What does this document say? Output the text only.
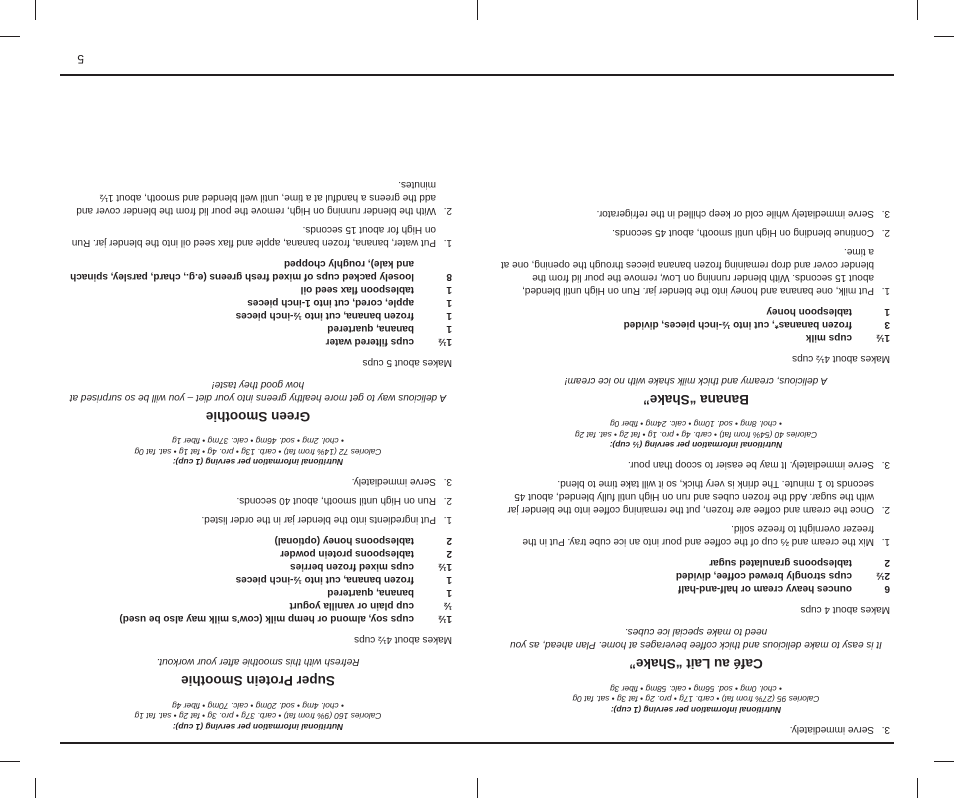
3.
Serve immediately.
Nutritional information per serving (1 cup):
Calories 95 (27% from fat) • carb. 17g • pro. 2g • fat 3g • sat. fat 0g
• chol. 0mg • sod. 56mg • calc. 58mg • fiber 3g
Café au Lait “Shake”
It is easy to make delicious and thick coffee beverages at home. Plan ahead, as you need to make special ice cubes.
Makes about 4 cups
6
ounces heavy cream or half-and-half
2½
cups strongly brewed coffee, divided
2
tablespoons granulated sugar
1.
Mix the cream and ⅔ cup of the coffee and pour into an ice cube tray. Put in the freezer overnight to freeze solid.
2.
Once the cream and coffee are frozen, put the remaining coffee into the blender jar with the sugar. Add the frozen cubes and run on High until fully blended, about 45 seconds to 1 minute. The drink is very thick, so it will take time to blend.
3.
Serve immediately. It may be easier to scoop than pour.
Nutritional information per serving (½ cup):
Calories 40 (54% from fat) • carb. 4g • pro. 1g • fat 2g • sat. fat 2g
• chol. 8mg • sod. 10mg • calc. 24mg • fiber 0g
Banana “Shake”
A delicious, creamy and thick milk shake with no ice cream!
Makes about 4½ cups
1½
cups milk
3
frozen bananas*, cut into ½-inch pieces, divided
1
tablespoon honey
1.
Put milk, one banana and honey into the blender jar. Run on High until blended, about 15 seconds. With blender running on Low, remove the pour lid from the blender cover and drop remaining frozen banana pieces through the opening, one at a time.
2.
Continue blending on High until smooth, about 45 seconds.
3.
Serve immediately while cold or keep chilled in the refrigerator.
Nutritional information per serving (1 cup):
Calories 160 (9% from fat) • carb. 37g • pro. 3g • fat 2g • sat. fat 1g
• chol. 4mg • sod. 20mg • calc. 70mg • fiber 4g
Super Protein Smoothie
Refresh with this smoothie after your workout.
Makes about 4½ cups
1½
cups soy, almond or hemp milk (cow’s milk may also be used)
½
cup plain or vanilla yogurt
1
banana, quartered
1
frozen banana, cut into ½-inch pieces
1½
cups mixed frozen berries
2
tablespoons protein powder
2
tablespoons honey (optional)
1.
Put ingredients into the blender jar in the order listed.
2.
Run on High until smooth, about 40 seconds.
3.
Serve immediately.
Nutritional information per serving (1 cup):
Calories 72 (14% from fat) • carb. 13g • pro. 4g • fat 1g • sat. fat 0g
• chol. 2mg • sod. 46mg • calc. 37mg • fiber 1g
Green Smoothie
A delicious way to get more healthy greens into your diet – you will be so surprised at how good they taste!
Makes about 5 cups
1½
cups filtered water
1
banana, quartered
1
frozen banana, cut into ½-inch pieces
1
apple, cored, cut into 1-inch pieces
1
tablespoon flax seed oil
8
loosely packed cups of mixed fresh greens (e.g., chard, parsley, spinach and kale), roughly chopped
1.
Put water, banana, frozen banana, apple and flax seed oil into the blender jar. Run on High for about 15 seconds.
2.
With the blender running on High, remove the pour lid from the blender cover and add the greens a handful at a time, until well blended and smooth, about 1½ minutes.
5
